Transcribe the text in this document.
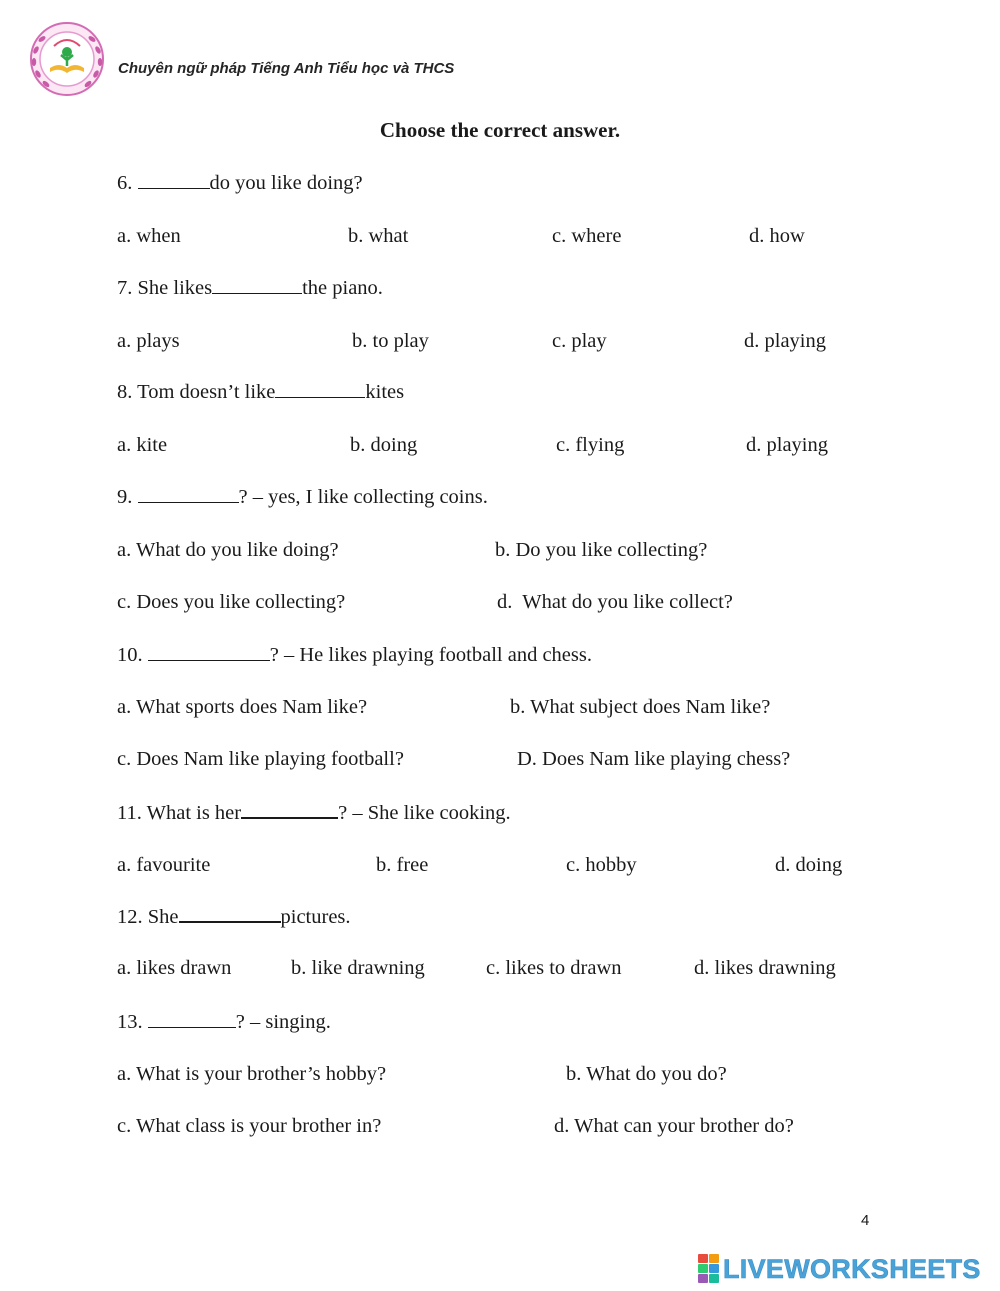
Chuyên ngữ pháp Tiếng Anh Tiểu học và THCS
Choose the correct answer.
6.	do you like doing?
a. when	b. what	c. where	d. how
7. She likes	the piano.
a. plays	b. to play	c. play	d. playing
8. Tom doesn’t like	kites
a. kite	b. doing	c. flying	d. playing
9.	? – yes, I like collecting coins.
a. What do you like doing?	b. Do you like collecting?
c. Does you like collecting?	d.  What do you like collect?
10.	? – He likes playing football and chess.
a. What sports does Nam like?	b. What subject does Nam like?
c. Does Nam like playing football?	D. Does Nam like playing chess?
11. What is her	? – She like cooking.
a. favourite	b. free	c. hobby	d. doing
12. She	pictures.
a. likes drawn	b. like drawning	c. likes to drawn	d. likes drawning
13.	? – singing.
a. What is your brother’s hobby?	b. What do you do?
c. What class is your brother in?	d. What can your brother do?
4
LIVEWORKSHEETS
